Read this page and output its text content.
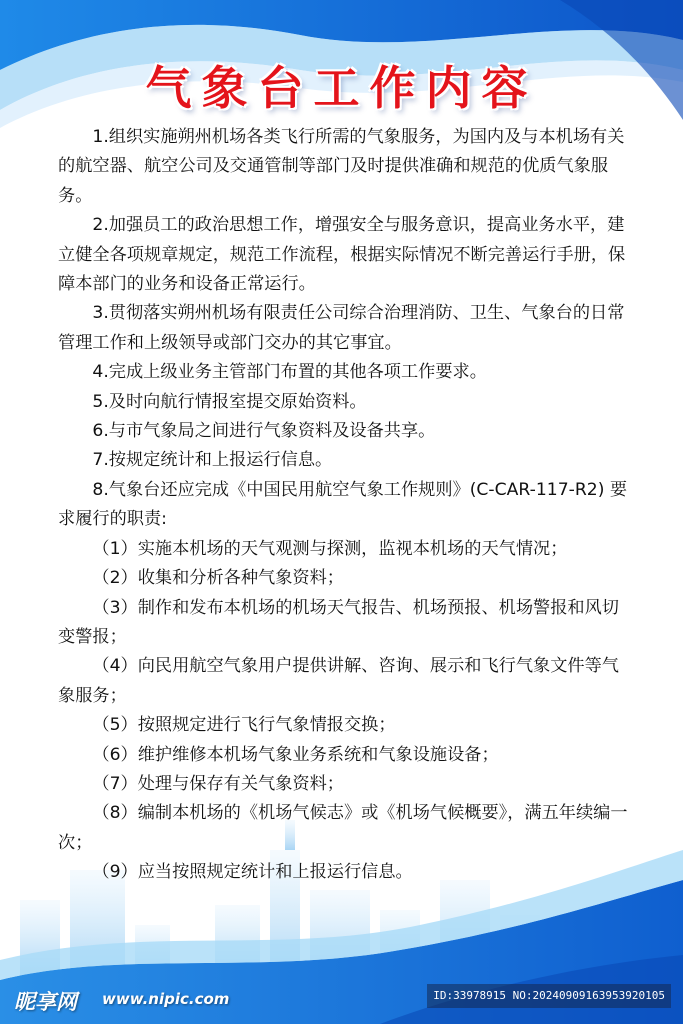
气象台工作内容

1.组织实施朔州机场各类飞行所需的气象服务，为国内及与本机场有关的航空器、航空公司及交通管制等部门及时提供准确和规范的优质气象服务。

2.加强员工的政治思想工作，增强安全与服务意识，提高业务水平，建立健全各项规章规定，规范工作流程，根据实际情况不断完善运行手册，保障本部门的业务和设备正常运行。

3.贯彻落实朔州机场有限责任公司综合治理消防、卫生、气象台的日常管理工作和上级领导或部门交办的其它事宜。

4.完成上级业务主管部门布置的其他各项工作要求。

5.及时向航行情报室提交原始资料。

6.与市气象局之间进行气象资料及设备共享。

7.按规定统计和上报运行信息。

8.气象台还应完成《中国民用航空气象工作规则》(C-CAR-117-R2) 要求履行的职责:

（1）实施本机场的天气观测与探测，监视本机场的天气情况；

（2）收集和分析各种气象资料；

（3）制作和发布本机场的机场天气报告、机场预报、机场警报和风切变警报；

（4）向民用航空气象用户提供讲解、咨询、展示和飞行气象文件等气象服务；

（5）按照规定进行飞行气象情报交换；

（6）维护维修本机场气象业务系统和气象设施设备；

（7）处理与保存有关气象资料；

（8）编制本机场的《机场气候志》或《机场气候概要》，满五年续编一次；

（9）应当按照规定统计和上报运行信息。

昵享网 www.nipic.com	ID:33978915 NO:20240909163953920105
